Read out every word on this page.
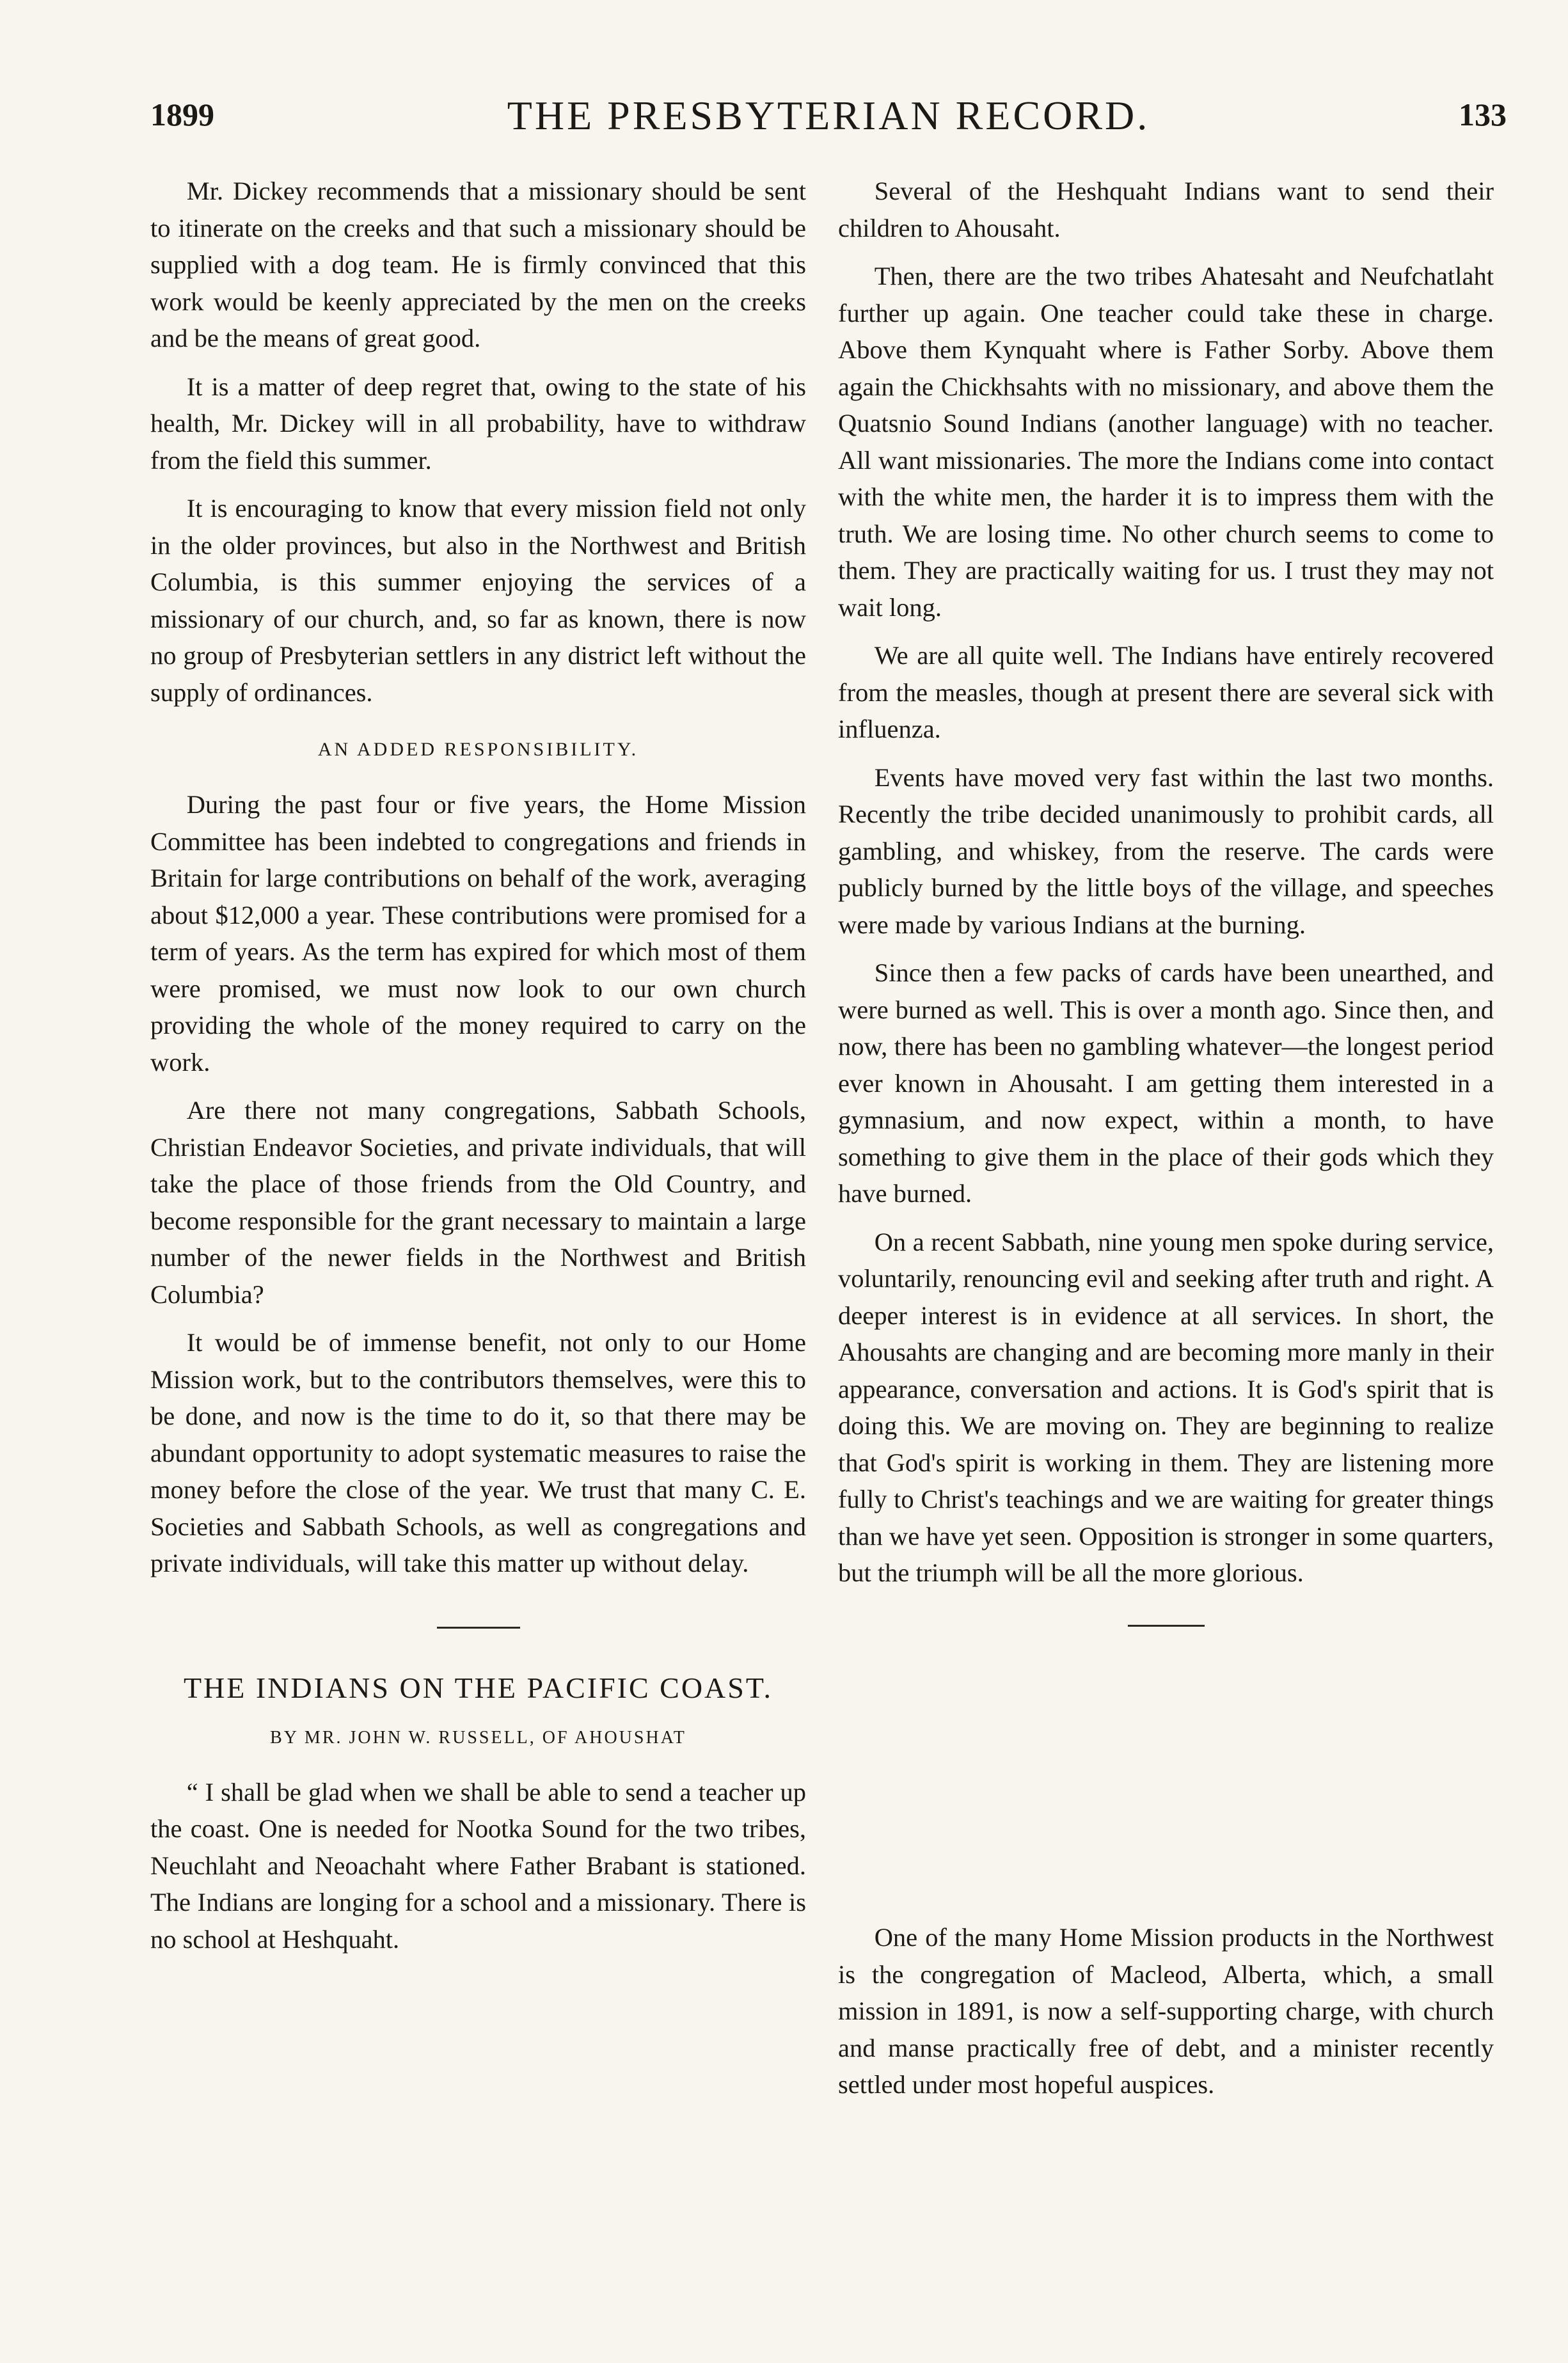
1899	THE PRESBYTERIAN RECORD.	133

Mr. Dickey recommends that a missionary should be sent to itinerate on the creeks and that such a missionary should be supplied with a dog team. He is firmly convinced that this work would be keenly appreciated by the men on the creeks and be the means of great good.

It is a matter of deep regret that, owing to the state of his health, Mr. Dickey will in all probability, have to withdraw from the field this summer.

It is encouraging to know that every mission field not only in the older provinces, but also in the Northwest and British Columbia, is this summer enjoying the services of a missionary of our church, and, so far as known, there is now no group of Presbyterian settlers in any district left without the supply of ordinances.

AN ADDED RESPONSIBILITY.

During the past four or five years, the Home Mission Committee has been indebted to congregations and friends in Britain for large contributions on behalf of the work, averaging about $12,000 a year. These contributions were promised for a term of years. As the term has expired for which most of them were promised, we must now look to our own church providing the whole of the money required to carry on the work.

Are there not many congregations, Sabbath Schools, Christian Endeavor Societies, and private individuals, that will take the place of those friends from the Old Country, and become responsible for the grant necessary to maintain a large number of the newer fields in the Northwest and British Columbia?

It would be of immense benefit, not only to our Home Mission work, but to the contributors themselves, were this to be done, and now is the time to do it, so that there may be abundant opportunity to adopt systematic measures to raise the money before the close of the year. We trust that many C. E. Societies and Sabbath Schools, as well as congregations and private individuals, will take this matter up without delay.

THE INDIANS ON THE PACIFIC COAST.
BY MR. JOHN W. RUSSELL, OF AHOUSHAT

“ I shall be glad when we shall be able to send a teacher up the coast. One is needed for Nootka Sound for the two tribes, Neuchlaht and Neoachaht where Father Brabant is stationed. The Indians are longing for a school and a missionary. There is no school at Heshquaht.

Several of the Heshquaht Indians want to send their children to Ahousaht.

Then, there are the two tribes Ahatesaht and Neufchatlaht further up again. One teacher could take these in charge. Above them Kynquaht where is Father Sorby. Above them again the Chickhsahts with no missionary, and above them the Quatsnio Sound Indians (another language) with no teacher. All want missionaries. The more the Indians come into contact with the white men, the harder it is to impress them with the truth. We are losing time. No other church seems to come to them. They are practically waiting for us. I trust they may not wait long.

We are all quite well. The Indians have entirely recovered from the measles, though at present there are several sick with influenza.

Events have moved very fast within the last two months. Recently the tribe decided unanimously to prohibit cards, all gambling, and whiskey, from the reserve. The cards were publicly burned by the little boys of the village, and speeches were made by various Indians at the burning.

Since then a few packs of cards have been unearthed, and were burned as well. This is over a month ago. Since then, and now, there has been no gambling whatever—the longest period ever known in Ahousaht. I am getting them interested in a gymnasium, and now expect, within a month, to have something to give them in the place of their gods which they have burned.

On a recent Sabbath, nine young men spoke during service, voluntarily, renouncing evil and seeking after truth and right. A deeper interest is in evidence at all services. In short, the Ahousahts are changing and are becoming more manly in their appearance, conversation and actions. It is God's spirit that is doing this. We are moving on. They are beginning to realize that God's spirit is working in them. They are listening more fully to Christ's teachings and we are waiting for greater things than we have yet seen. Opposition is stronger in some quarters, but the triumph will be all the more glorious.

One of the many Home Mission products in the Northwest is the congregation of Macleod, Alberta, which, a small mission in 1891, is now a self-supporting charge, with church and manse practically free of debt, and a minister recently settled under most hopeful auspices.
